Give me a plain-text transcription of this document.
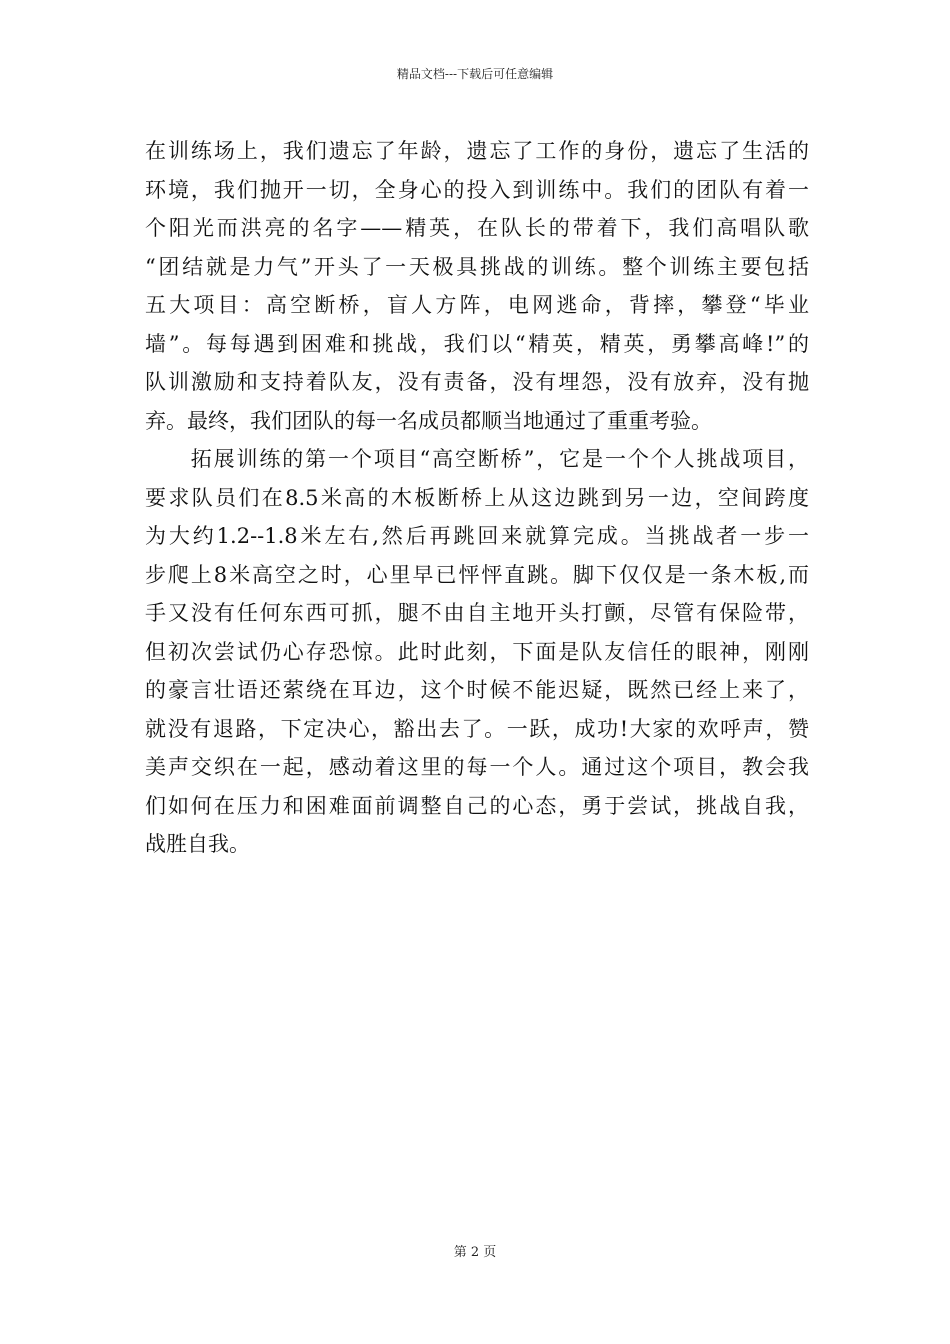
精品文档---下载后可任意编辑
在训练场上，我们遗忘了年龄，遗忘了工作的身份，遗忘了生活的
环境，我们抛开一切，全身心的投入到训练中。我们的团队有着一
个阳光而洪亮的名字——精英，在队长的带着下，我们高唱队歌
“团结就是力气”开头了一天极具挑战的训练。整个训练主要包括
五大项目：高空断桥，盲人方阵，电网逃命，背摔，攀登“毕业
墙”。每每遇到困难和挑战，我们以“精英，精英，勇攀高峰!”的
队训激励和支持着队友，没有责备，没有埋怨，没有放弃，没有抛
弃。最终，我们团队的每一名成员都顺当地通过了重重考验。
　　拓展训练的第一个项目“高空断桥”，它是一个个人挑战项目，
要求队员们在8.5米高的木板断桥上从这边跳到另一边，空间跨度
为大约1.2--1.8米左右,然后再跳回来就算完成。当挑战者一步一
步爬上8米高空之时，心里早已怦怦直跳。脚下仅仅是一条木板,而
手又没有任何东西可抓，腿不由自主地开头打颤，尽管有保险带，
但初次尝试仍心存恐惊。此时此刻，下面是队友信任的眼神，刚刚
的豪言壮语还萦绕在耳边，这个时候不能迟疑，既然已经上来了，
就没有退路，下定决心，豁出去了。一跃，成功!大家的欢呼声，赞
美声交织在一起，感动着这里的每一个人。通过这个项目，教会我
们如何在压力和困难面前调整自己的心态，勇于尝试，挑战自我，
战胜自我。
第 2 页
